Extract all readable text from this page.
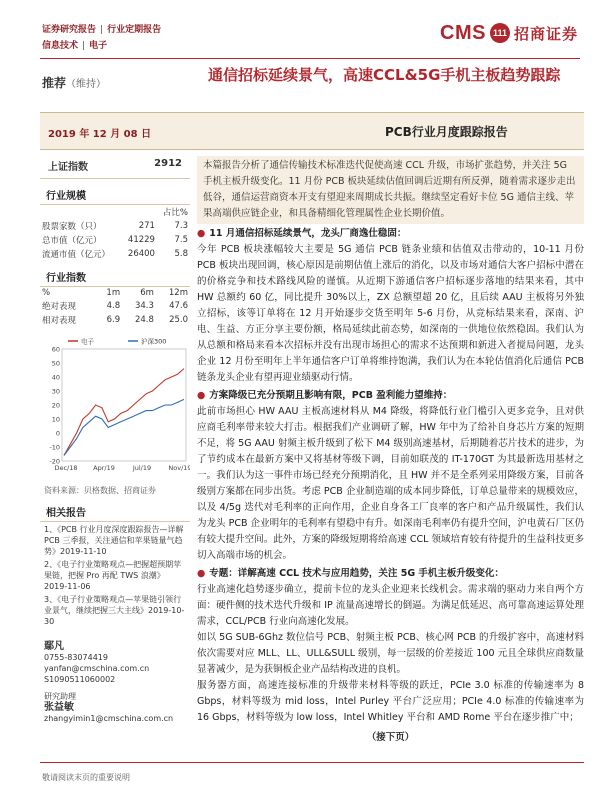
证券研究报告 | 行业定期报告
信息技术 | 电子
CMS 111 招商证券
推荐（维持）
通信招标延续景气，高速CCL&5G手机主板趋势跟踪
2019 年 12 月 08 日	PCB行业月度跟踪报告
上证指数	2912
行业规模
		占比%
股票家数（只）	271	7.3
总市值（亿元）	41229	7.5
流通市值（亿元）	26400	5.8
行业指数
%	1m	6m	12m
绝对表现	4.8	34.3	47.6
相对表现	6.9	24.8	25.0
60
50
40
30
20
10
0
-10
-20
Dec/18 Apr/19	Jul/19	Nov/19
电子	沪深300
资料来源：贝格数据、招商证券
相关报告
1、《PCB 行业月度深度跟踪报告—详解 PCB 三季报，关注通信和苹果链量气趋势》2019-11-10
2、《电子行业策略观点—把握超预期苹果链，把握 Pro 再配 TWS 浪潮》2019-11-06
3、《电子行业策略观点—苹果链引领行业景气，继续把握三大主线》2019-10-30
鄢凡
0755-83074419
yanfan@cmschina.com.cn
S1090511060002
研究助理
张益敏
zhangyimin1@cmschina.com.cn
本篇报告分析了通信传输技术标准迭代促使高速 CCL 升级，市场扩张趋势，并关注 5G 手机主板升级变化。11 月份 PCB 板块延续估值回调后近期有所反弹，随着需求逐步走出低谷，通信运营商资本开支有望迎来周期成长共振。继续坚定看好卡位 5G 通信主线、苹果高端供应链企业，和具备精细化管理属性企业长期价值。
● 11 月通信招标延续景气，龙头厂商逸仕稳固：
今年 PCB 板块涨幅较大主要是 5G 通信 PCB 链条业绩和估值双击带动的，10-11 月份 PCB 板块出现回调，核心原因是前期估值上涨后的消化，以及市场对通信大客户招标中潜在的价格竞争和技术路线风险的谨慎。从近期下游通信客户招标逐步落地的结果来看，其中 HW 总额约 60 亿，同比提升 30%以上，ZX 总额望超 20 亿，且后续 AAU 主板将另外独立招标，该等订单将在 12 月开始逐步交货至明年 5-6 月份，从竞标结果来看，深南、沪电、生益、方正分享主要份额，格局延续此前态势，如深南的一供地位依然稳固。我们认为从总额和格局来看本次招标并没有出现市场担心的需求不达预期和新进入者搅局问题，龙头企业 12 月份至明年上半年通信客户订单将维持饱满，我们认为在本轮估值消化后通信 PCB 链条龙头企业有望再迎业绩驱动行情。
● 方案降级已充分预期且影响有限，PCB 盈利能力望维持：
此前市场担心 HW AAU 主板高速材料从 M4 降级，将降低行业门槛引入更多竞争，且对供应商毛利率带来较大打击。根据我们产业调研了解，HW 年中为了给补自身芯片方案的短期不足，将 5G AAU 射频主板升级到了松下 M4 级别高速基材，后期随着芯片技术的进步，为了节约成本在最新方案中又将基材等级下调，目前如联茂的 IT-170GT 为其最新选用基材之一。我们认为这一事件市场已经充分预期消化，且 HW 并不是全系列采用降级方案，目前各级别方案都在同步出货。考虑 PCB 企业制造端的成本同步降低，订单总量带来的规模效应，以及 4/5g 迭代对毛利率的正向作用，企业自身各工厂良率的客户和产品升级属性，我们认为龙头 PCB 企业明年的毛利率有望稳中有升。如深南毛利率仍有提升空间，沪电黄石厂区仍有较大提升空间。此外，方案的降级短期将给高速 CCL 领域培育较有待提升的生益科技更多切入高端市场的机会。
● 专题：详解高速 CCL 技术与应用趋势，关注 5G 手机主板升级变化：
行业高速化趋势逐步确立，提前卡位的龙头企业迎来长线机会。需求端的驱动力来自两个方面：硬件侧的技术迭代升级和 IP 流量高速增长的倒逼。为满足低延迟、高可靠高速运算处理需求，CCL/PCB 行业向高速化发展。
如以 5G SUB-6Ghz 数位信号 PCB、射频主板 PCB、核心网 PCB 的升级扩容中，高速材料依次需要对应 MLL、LL、ULL&SULL 级别，每一层级的价差接近 100 元且全球供应商数量显著减少，是为获铜板企业产品结构改进的良机。
服务器方面，高速连接标准的升级带来材料等级的跃迁，PCIe 3.0 标准的传输速率为 8 Gbps，材料等级为 mid loss，Intel Purley 平台广泛应用；PCIe 4.0 标准的传输速率为 16 Gbps，材料等级为 low loss，Intel Whitley 平台和 AMD Rome 平台在逐步推广中；
（接下页）
敬请阅读末页的重要说明
